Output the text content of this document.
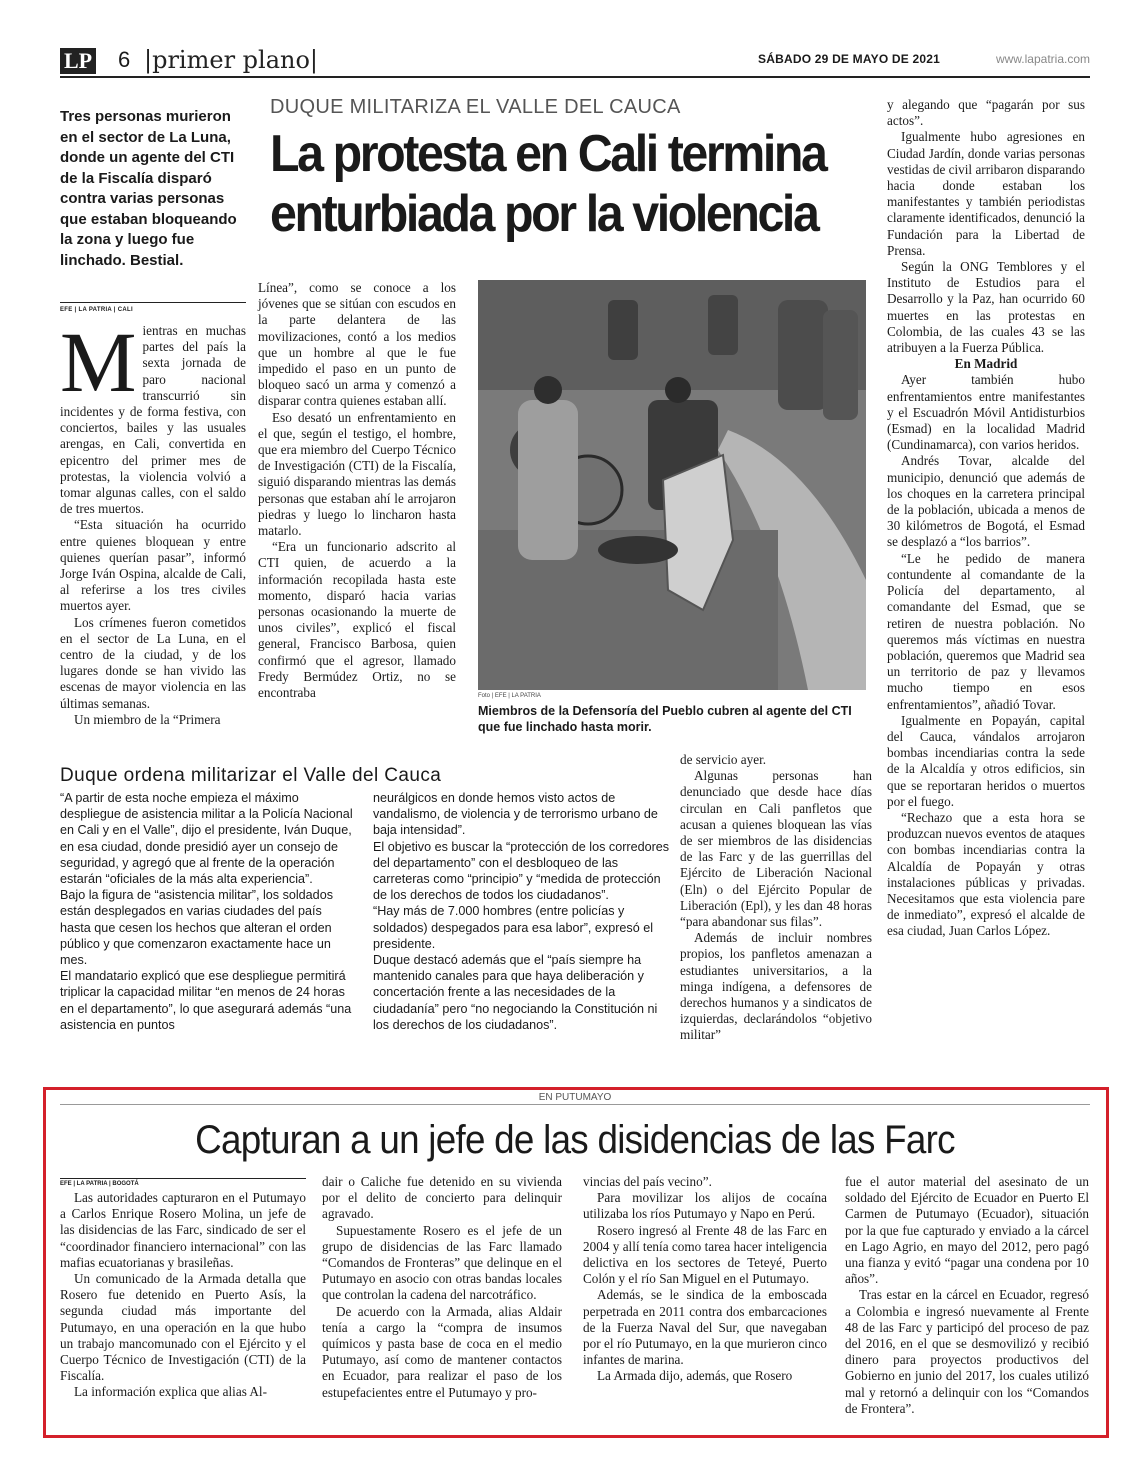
LP 6 |primer plano|	SÁBADO 29 DE MAYO DE 2021	www.lapatria.com
Tres personas murieron en el sector de La Luna, donde un agente del CTI de la Fiscalía disparó contra varias personas que estaban bloqueando la zona y luego fue linchado. Bestial.
DUQUE MILITARIZA EL VALLE DEL CAUCA
La protesta en Cali termina
enturbiada por la violencia
EFE | LA PATRIA | CALI
M ientras en muchas partes del país la sexta jornada de paro nacional transcurrió sin incidentes y de forma festiva, con conciertos, bailes y las usuales arengas, en Cali, convertida en epicentro del primer mes de protestas, la violencia volvió a tomar algunas calles, con el saldo de tres muertos.

“Esta situación ha ocurrido entre quienes bloquean y entre quienes querían pasar”, informó Jorge Iván Ospina, alcalde de Cali, al referirse a los tres civiles muertos ayer.

Los crímenes fueron cometidos en el sector de La Luna, en el centro de la ciudad, y de los lugares donde se han vivido las escenas de mayor violencia en las últimas semanas.

Un miembro de la “Primera

Línea”, como se conoce a los jóvenes que se sitúan con escudos en la parte delantera de las movilizaciones, contó a los medios que un hombre al que le fue impedido el paso en un punto de bloqueo sacó un arma y comenzó a disparar contra quienes estaban allí.

Eso desató un enfrentamiento en el que, según el testigo, el hombre, que era miembro del Cuerpo Técnico de Investigación (CTI) de la Fiscalía, siguió disparando mientras las demás personas que estaban ahí le arrojaron piedras y luego lo lincharon hasta matarlo.

“Era un funcionario adscrito al CTI quien, de acuerdo a la información recopilada hasta este momento, disparó hacia varias personas ocasionando la muerte de unos civiles”, explicó el fiscal general, Francisco Barbosa, quien confirmó que el agresor, llamado Fredy Bermúdez Ortiz, no se encontraba	Foto | EFE | LA PATRIA
Miembros de la Defensoría del Pueblo cubren al agente del CTI que fue linchado hasta morir.

y alegando que “pagarán por sus actos”.

Igualmente hubo agresiones en Ciudad Jardín, donde varias personas vestidas de civil arribaron disparando hacia donde estaban los manifestantes y también periodistas claramente identificados, denunció la Fundación para la Libertad de Prensa.

Según la ONG Temblores y el Instituto de Estudios para el Desarrollo y la Paz, han ocurrido 60 muertes en las protestas en Colombia, de las cuales 43 se las atribuyen a la Fuerza Pública.

En Madrid

Ayer también hubo enfrentamientos entre manifestantes y el Escuadrón Móvil Antidisturbios (Esmad) en la localidad Madrid (Cundinamarca), con varios heridos.

Andrés Tovar, alcalde del municipio, denunció que además de los choques en la carretera principal de la población, ubicada a menos de 30 kilómetros de Bogotá, el Esmad se desplazó a “los barrios”.

“Le he pedido de manera contundente al comandante de la Policía del departamento, al comandante del Esmad, que se retiren de nuestra población. No queremos más víctimas en nuestra población, queremos que Madrid sea un territorio de paz y llevamos mucho tiempo en esos enfrentamientos”, añadió Tovar.

Igualmente en Popayán, capital del Cauca, vándalos arrojaron bombas incendiarias contra la sede de la Alcaldía y otros edificios, sin que se reportaran heridos o muertos por el fuego.

“Rechazo que a esta hora se produzcan nuevos eventos de ataques con bombas incendiarias contra la Alcaldía de Popayán y otras instalaciones públicas y privadas. Necesitamos que esta violencia pare de inmediato”, expresó el alcalde de esa ciudad, Juan Carlos López.

de servicio ayer.

Algunas personas han denunciado que desde hace días circulan en Cali panfletos que acusan a quienes bloquean las vías de ser miembros de las disidencias de las Farc y de las guerrillas del Ejército de Liberación Nacional (Eln) o del Ejército Popular de Liberación (Epl), y les dan 48 horas “para abandonar sus filas”.

Además de incluir nombres propios, los panfletos amenazan a estudiantes universitarios, a la minga indígena, a defensores de derechos humanos y a sindicatos de izquierdas, declarándolos “objetivo militar”

Duque ordena militarizar el Valle del Cauca

“A partir de esta noche empieza el máximo despliegue de asistencia militar a la Policía Nacional en Cali y en el Valle”, dijo el presidente, Iván Duque, en esa ciudad, donde presidió ayer un consejo de seguridad, y agregó que al frente de la operación estarán “oficiales de la más alta experiencia”.

Bajo la figura de “asistencia militar”, los soldados están desplegados en varias ciudades del país hasta que cesen los hechos que alteran el orden público y que comenzaron exactamente hace un mes.

El mandatario explicó que ese despliegue permitirá triplicar la capacidad militar “en menos de 24 horas en el departamento”, lo que asegurará además “una asistencia en puntos

neurálgicos en donde hemos visto actos de vandalismo, de violencia y de terrorismo urbano de baja intensidad”.

El objetivo es buscar la “protección de los corredores del departamento” con el desbloqueo de las carreteras como “principio” y “medida de protección de los derechos de todos los ciudadanos”.

“Hay más de 7.000 hombres (entre policías y soldados) despegados para esa labor”, expresó el presidente.

Duque destacó además que el “país siempre ha mantenido canales para que haya deliberación y concertación frente a las necesidades de la ciudadanía” pero “no negociando la Constitución ni los derechos de los ciudadanos”.

EN PUTUMAYO
Capturan a un jefe de las disidencias de las Farc
EFE | LA PATRIA | BOGOTÁ

Las autoridades capturaron en el Putumayo a Carlos Enrique Rosero Molina, un jefe de las disidencias de las Farc, sindicado de ser el “coordinador financiero internacional” con las mafias ecuatorianas y brasileñas.

Un comunicado de la Armada detalla que Rosero fue detenido en Puerto Asís, la segunda ciudad más importante del Putumayo, en una operación en la que hubo un trabajo mancomunado con el Ejército y el Cuerpo Técnico de Investigación (CTI) de la Fiscalía.

La información explica que alias Al-

dair o Caliche fue detenido en su vivienda por el delito de concierto para delinquir agravado.

Supuestamente Rosero es el jefe de un grupo de disidencias de las Farc llamado “Comandos de Fronteras” que delinque en el Putumayo en asocio con otras bandas locales que controlan la cadena del narcotráfico.

De acuerdo con la Armada, alias Aldair tenía a cargo la “compra de insumos químicos y pasta base de coca en el medio Putumayo, así como de mantener contactos en Ecuador, para realizar el paso de los estupefacientes entre el Putumayo y pro-

vincias del país vecino”.

Para movilizar los alijos de cocaína utilizaba los ríos Putumayo y Napo en Perú.

Rosero ingresó al Frente 48 de las Farc en 2004 y allí tenía como tarea hacer inteligencia delictiva en los sectores de Teteyé, Puerto Colón y el río San Miguel en el Putumayo.

Además, se le sindica de la emboscada perpetrada en 2011 contra dos embarcaciones de la Fuerza Naval del Sur, que navegaban por el río Putumayo, en la que murieron cinco infantes de marina.

La Armada dijo, además, que Rosero

fue el autor material del asesinato de un soldado del Ejército de Ecuador en Puerto El Carmen de Putumayo (Ecuador), situación por la que fue capturado y enviado a la cárcel en Lago Agrio, en mayo del 2012, pero pagó una fianza y evitó “pagar una condena por 10 años”.

Tras estar en la cárcel en Ecuador, regresó a Colombia e ingresó nuevamente al Frente 48 de las Farc y participó del proceso de paz del 2016, en el que se desmovilizó y recibió dinero para proyectos productivos del Gobierno en junio del 2017, los cuales utilizó mal y retornó a delinquir con los “Comandos de Frontera”.
